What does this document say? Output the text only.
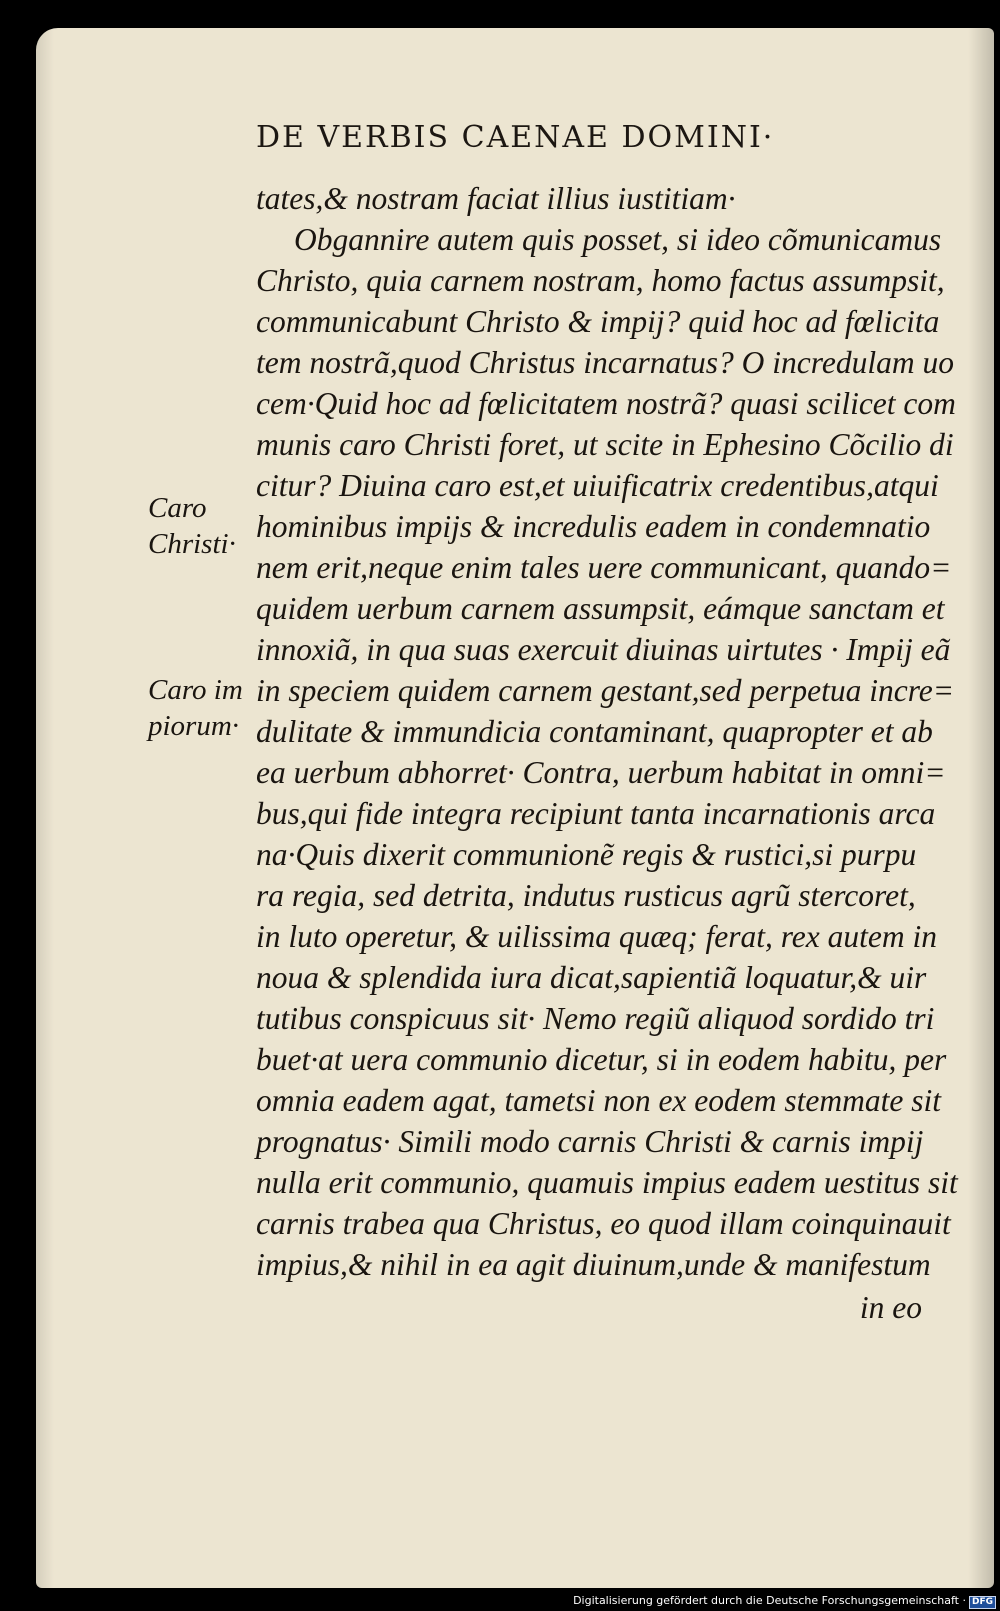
DE VERBIS CAENAE DOMINI·
Caro
Christi·
Caro im
piorum·
tates,& nostram faciat illius iustitiam·
Obgannire autem quis posset, si ideo cõmunicamus
Christo, quia carnem nostram, homo factus assumpsit,
communicabunt Christo & impij? quid hoc ad fœlicita
tem nostrã,quod Christus incarnatus? O incredulam uo
cem·Quid hoc ad fœlicitatem nostrã? quasi scilicet com
munis caro Christi foret, ut scite in Ephesino Cõcilio di
citur? Diuina caro est,et uiuificatrix credentibus,atqui
hominibus impijs & incredulis eadem in condemnatio
nem erit,neque enim tales uere communicant, quando=
quidem uerbum carnem assumpsit, eámque sanctam et
innoxiã, in qua suas exercuit diuinas uirtutes · Impij eã
in speciem quidem carnem gestant,sed perpetua incre=
dulitate & immundicia contaminant, quapropter et ab
ea uerbum abhorret· Contra, uerbum habitat in omni=
bus,qui fide integra recipiunt tanta incarnationis arca
na·Quis dixerit communionẽ regis & rustici,si purpu
ra regia, sed detrita, indutus rusticus agrũ stercoret,
in luto operetur, & uilissima quæq; ferat, rex autem in
noua & splendida iura dicat,sapientiã loquatur,& uir
tutibus conspicuus sit· Nemo regiũ aliquod sordido tri
buet·at uera communio dicetur, si in eodem habitu, per
omnia eadem agat, tametsi non ex eodem stemmate sit
prognatus· Simili modo carnis Christi & carnis impij
nulla erit communio, quamuis impius eadem uestitus sit
carnis trabea qua Christus, eo quod illam coinquinauit
impius,& nihil in ea agit diuinum,unde & manifestum
in eo
Digitalisierung gefördert durch die Deutsche Forschungsgemeinschaft · DFG
